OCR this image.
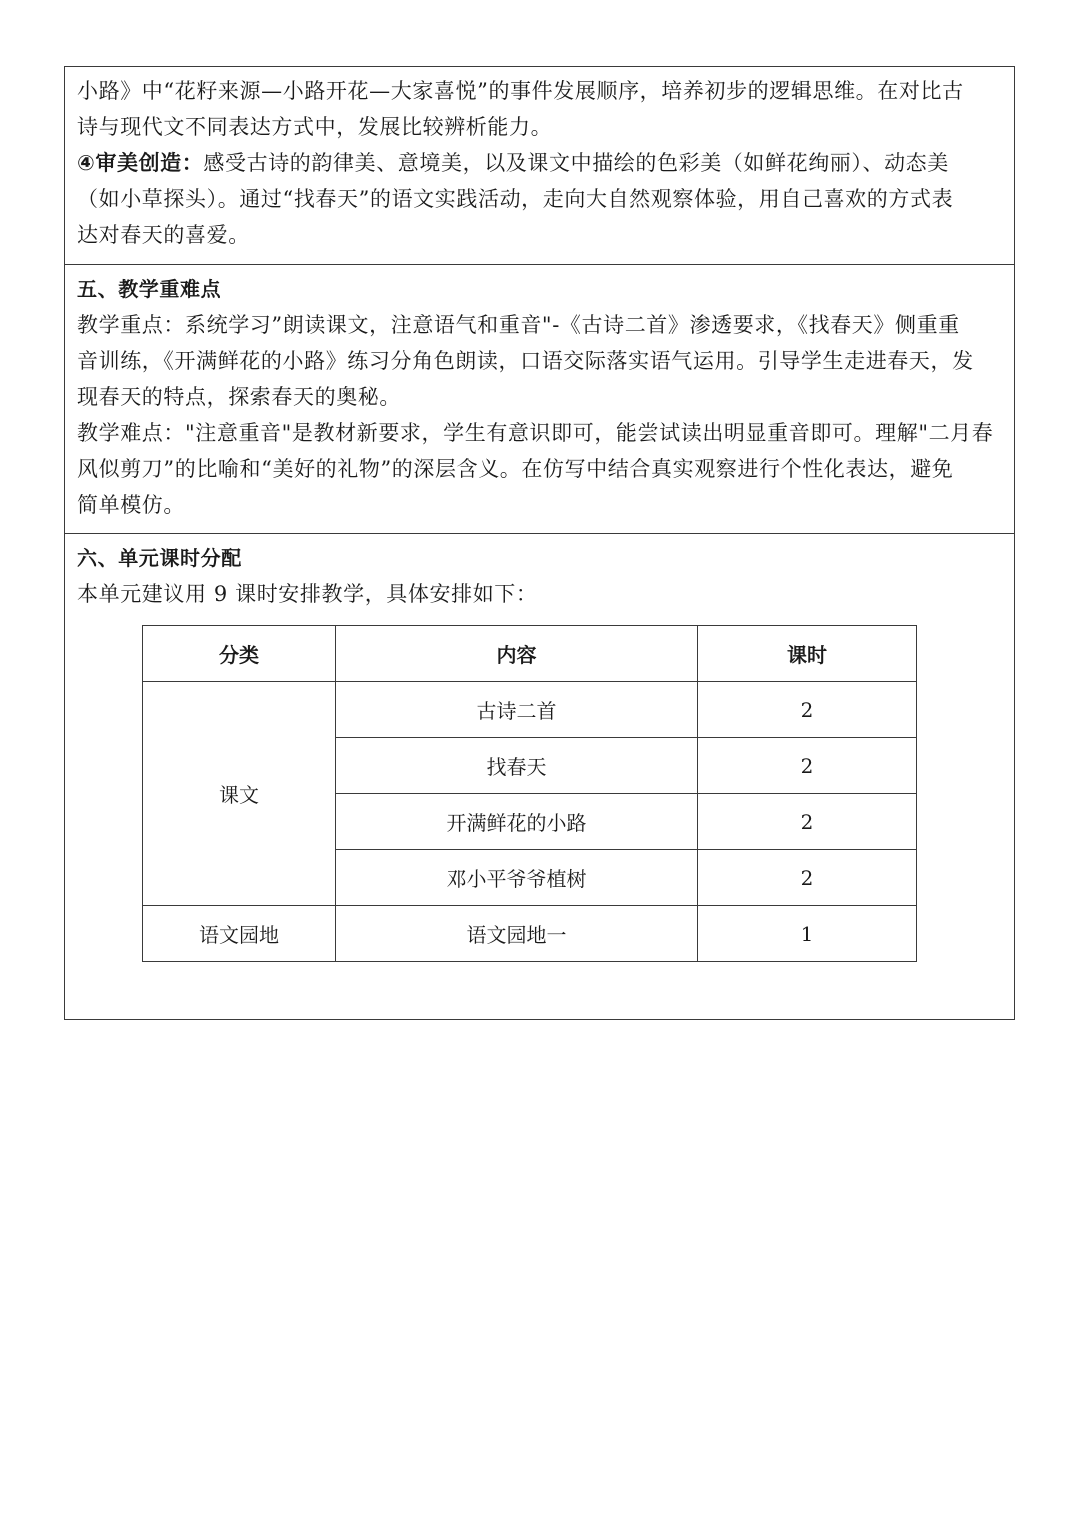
小路》中“花籽来源—小路开花—大家喜悦”的事件发展顺序，培养初步的逻辑思维。在对比古

诗与现代文不同表达方式中，发展比较辨析能力。

④审美创造：感受古诗的韵律美、意境美，以及课文中描绘的色彩美（如鲜花绚丽）、动态美

（如小草探头）。通过“找春天”的语文实践活动，走向大自然观察体验，用自己喜欢的方式表

达对春天的喜爱。

五、教学重难点

教学重点：系统学习”朗读课文，注意语气和重音"-《古诗二首》渗透要求，《找春天》侧重重

音训练，《开满鲜花的小路》练习分角色朗读，口语交际落实语气运用。引导学生走进春天，发

现春天的特点，探索春天的奥秘。

教学难点："注意重音"是教材新要求，学生有意识即可，能尝试读出明显重音即可。理解"二月春

风似剪刀”的比喻和“美好的礼物”的深层含义。在仿写中结合真实观察进行个性化表达，避免

简单模仿。

六、单元课时分配

本单元建议用 9 课时安排教学，具体安排如下：

分类	内容	课时
课文	古诗二首	2
	找春天	2
	开满鲜花的小路	2
	邓小平爷爷植树	2
语文园地	语文园地一	1
